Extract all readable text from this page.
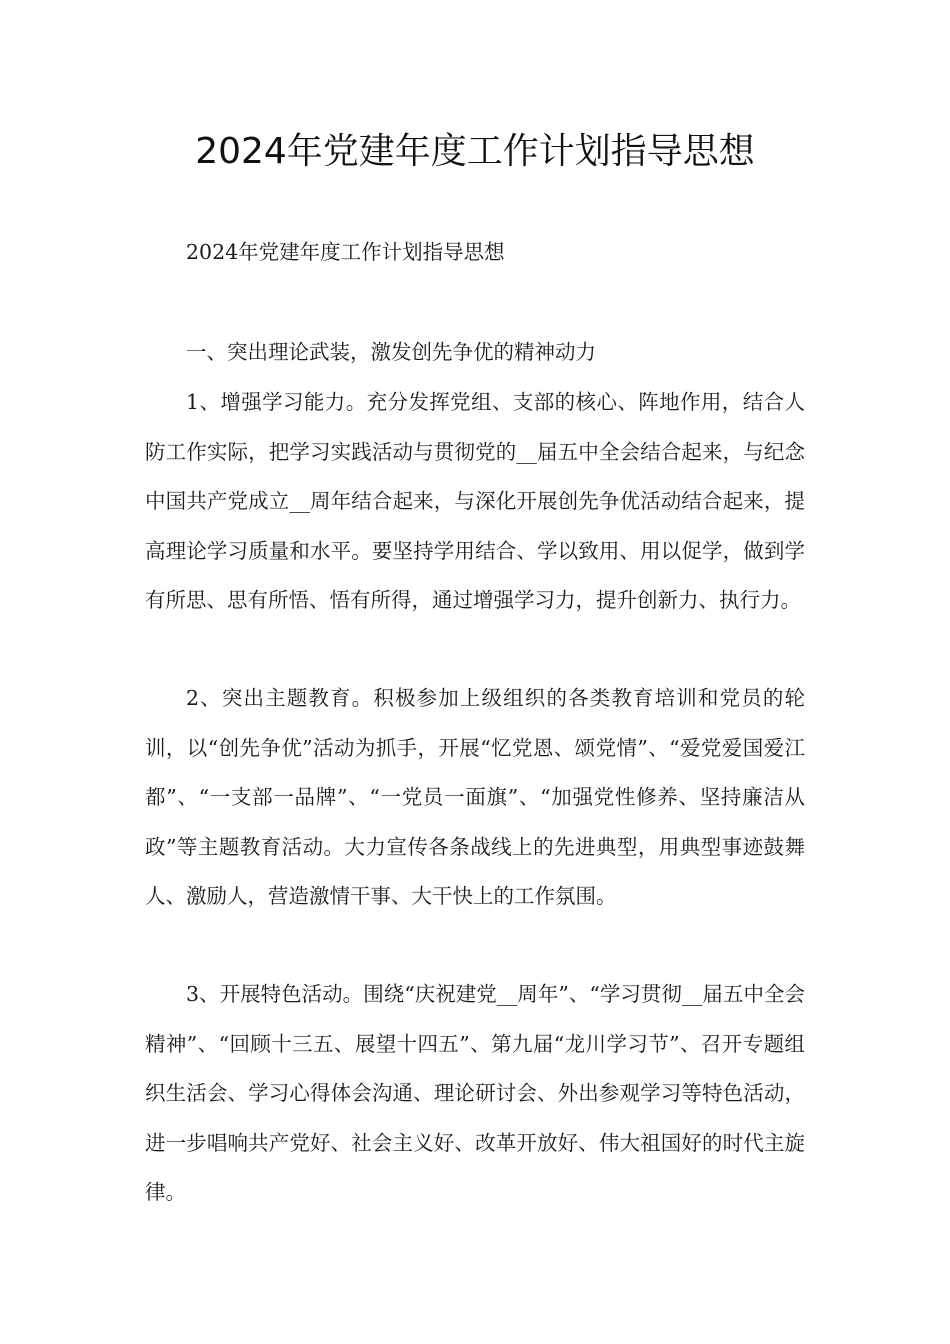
2024年党建年度工作计划指导思想
2024年党建年度工作计划指导思想
一、突出理论武装，激发创先争优的精神动力

1、增强学习能力。充分发挥党组、支部的核心、阵地作用，结合人防工作实际，把学习实践活动与贯彻党的__届五中全会结合起来，与纪念中国共产党成立__周年结合起来，与深化开展创先争优活动结合起来，提高理论学习质量和水平。要坚持学用结合、学以致用、用以促学，做到学有所思、思有所悟、悟有所得，通过增强学习力，提升创新力、执行力。

2、突出主题教育。积极参加上级组织的各类教育培训和党员的轮训，以“创先争优”活动为抓手，开展“忆党恩、颂党情”、“爱党爱国爱江都”、“一支部一品牌”、“一党员一面旗”、“加强党性修养、坚持廉洁从政”等主题教育活动。大力宣传各条战线上的先进典型，用典型事迹鼓舞人、激励人，营造激情干事、大干快上的工作氛围。

3、开展特色活动。围绕“庆祝建党__周年”、“学习贯彻__届五中全会精神”、“回顾十三五、展望十四五”、第九届“龙川学习节”、召开专题组织生活会、学习心得体会沟通、理论研讨会、外出参观学习等特色活动，进一步唱响共产党好、社会主义好、改革开放好、伟大祖国好的时代主旋律。
